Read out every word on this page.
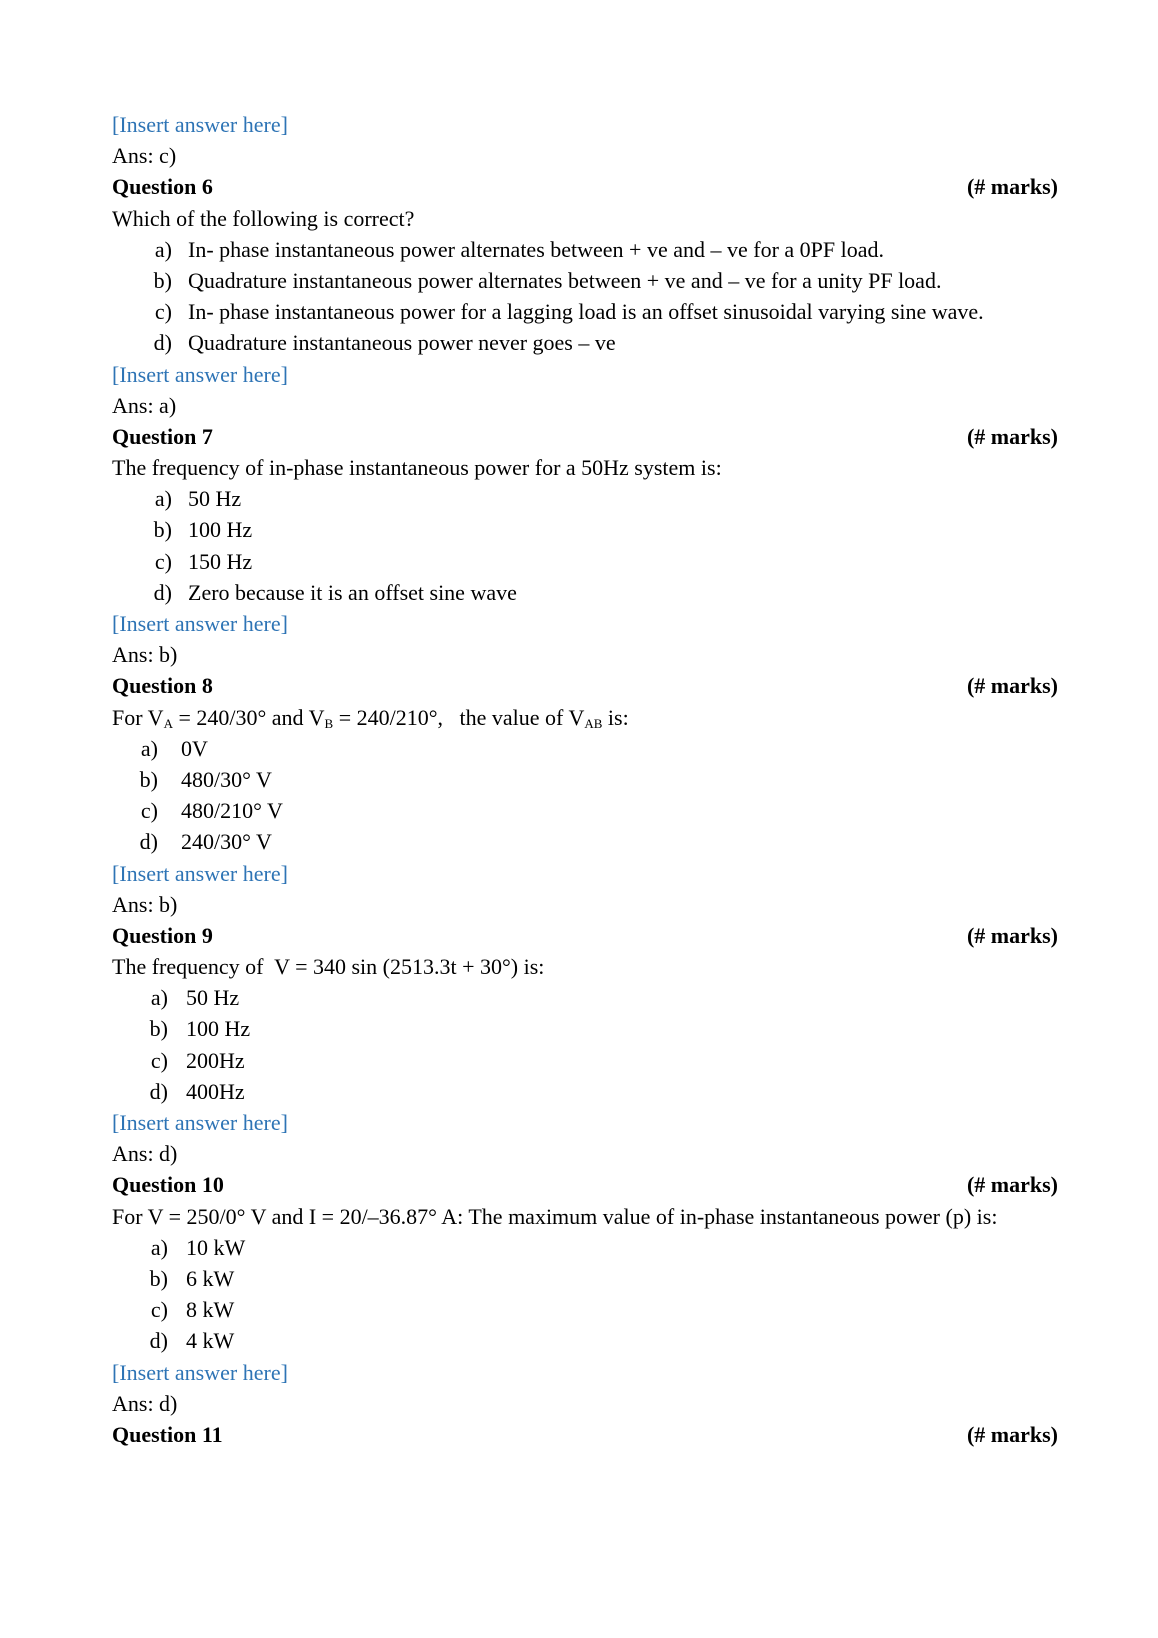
[Insert answer here]
Ans: c)
Question 6	(# marks)
Which of the following is correct?
a) In- phase instantaneous power alternates between + ve and – ve for a 0PF load.
b) Quadrature instantaneous power alternates between + ve and – ve for a unity PF load.
c) In- phase instantaneous power for a lagging load is an offset sinusoidal varying sine wave.
d) Quadrature instantaneous power never goes – ve
[Insert answer here]
Ans: a)
Question 7	(# marks)
The frequency of in-phase instantaneous power for a 50Hz system is:
a) 50 Hz
b) 100 Hz
c) 150 Hz
d) Zero because it is an offset sine wave
[Insert answer here]
Ans: b)
Question 8	(# marks)
For $V_A = 240/30^\circ$ and $V_B = 240/210^\circ$,   the value of $V_{AB}$ is:
a) 0V
b) 480/30° V
c) 480/210° V
d) 240/30° V
[Insert answer here]
Ans: b)
Question 9	(# marks)
The frequency of  V = 340 sin (2513.3t + 30°) is:
a) 50 Hz
b) 100 Hz
c) 200Hz
d) 400Hz
[Insert answer here]
Ans: d)
Question 10	(# marks)
For V = 250/0° V and I = 20/–36.87° A: The maximum value of in-phase instantaneous power (p) is:
a) 10 kW
b) 6 kW
c) 8 kW
d) 4 kW
[Insert answer here]
Ans: d)
Question 11	(# marks)
